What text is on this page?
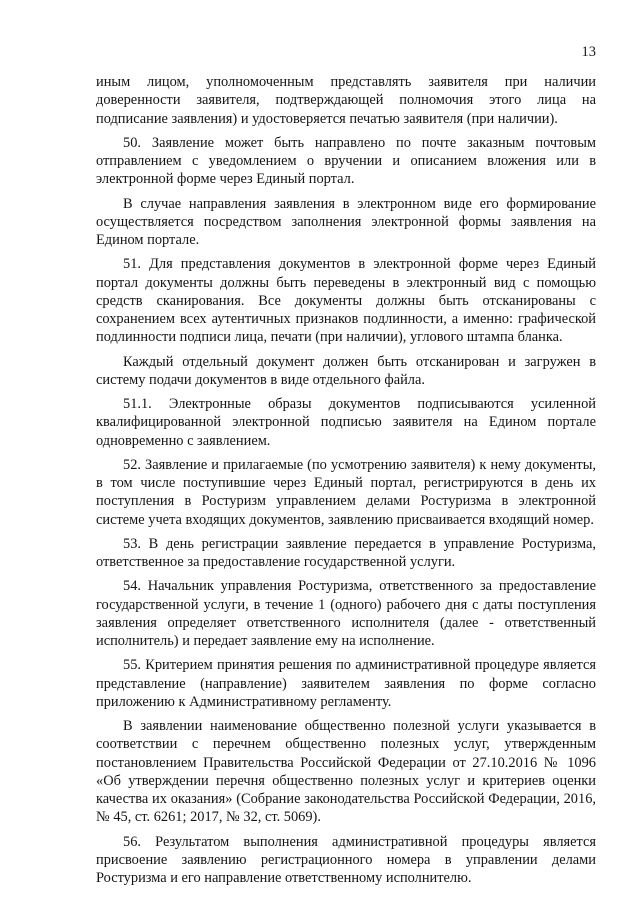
13

иным лицом, уполномоченным представлять заявителя при наличии доверенности заявителя, подтверждающей полномочия этого лица на подписание заявления) и удостоверяется печатью заявителя (при наличии).

50. Заявление может быть направлено по почте заказным почтовым отправлением с уведомлением о вручении и описанием вложения или в электронной форме через Единый портал.

В случае направления заявления в электронном виде его формирование осуществляется посредством заполнения электронной формы заявления на Едином портале.

51. Для представления документов в электронной форме через Единый портал документы должны быть переведены в электронный вид с помощью средств сканирования. Все документы должны быть отсканированы с сохранением всех аутентичных признаков подлинности, а именно: графической подлинности подписи лица, печати (при наличии), углового штампа бланка.

Каждый отдельный документ должен быть отсканирован и загружен в систему подачи документов в виде отдельного файла.

51.1. Электронные образы документов подписываются усиленной квалифицированной электронной подписью заявителя на Едином портале одновременно с заявлением.

52. Заявление и прилагаемые (по усмотрению заявителя) к нему документы, в том числе поступившие через Единый портал, регистрируются в день их поступления в Ростуризм управлением делами Ростуризма в электронной системе учета входящих документов, заявлению присваивается входящий номер.

53. В день регистрации заявление передается в управление Ростуризма, ответственное за предоставление государственной услуги.

54. Начальник управления Ростуризма, ответственного за предоставление государственной услуги, в течение 1 (одного) рабочего дня с даты поступления заявления определяет ответственного исполнителя (далее - ответственный исполнитель) и передает заявление ему на исполнение.

55. Критерием принятия решения по административной процедуре является представление (направление) заявителем заявления по форме согласно приложению к Административному регламенту.

В заявлении наименование общественно полезной услуги указывается в соответствии с перечнем общественно полезных услуг, утвержденным постановлением Правительства Российской Федерации от 27.10.2016 № 1096 «Об утверждении перечня общественно полезных услуг и критериев оценки качества их оказания» (Собрание законодательства Российской Федерации, 2016, № 45, ст. 6261; 2017, № 32, ст. 5069).

56. Результатом выполнения административной процедуры является присвоение заявлению регистрационного номера в управлении делами Ростуризма и его направление ответственному исполнителю.
